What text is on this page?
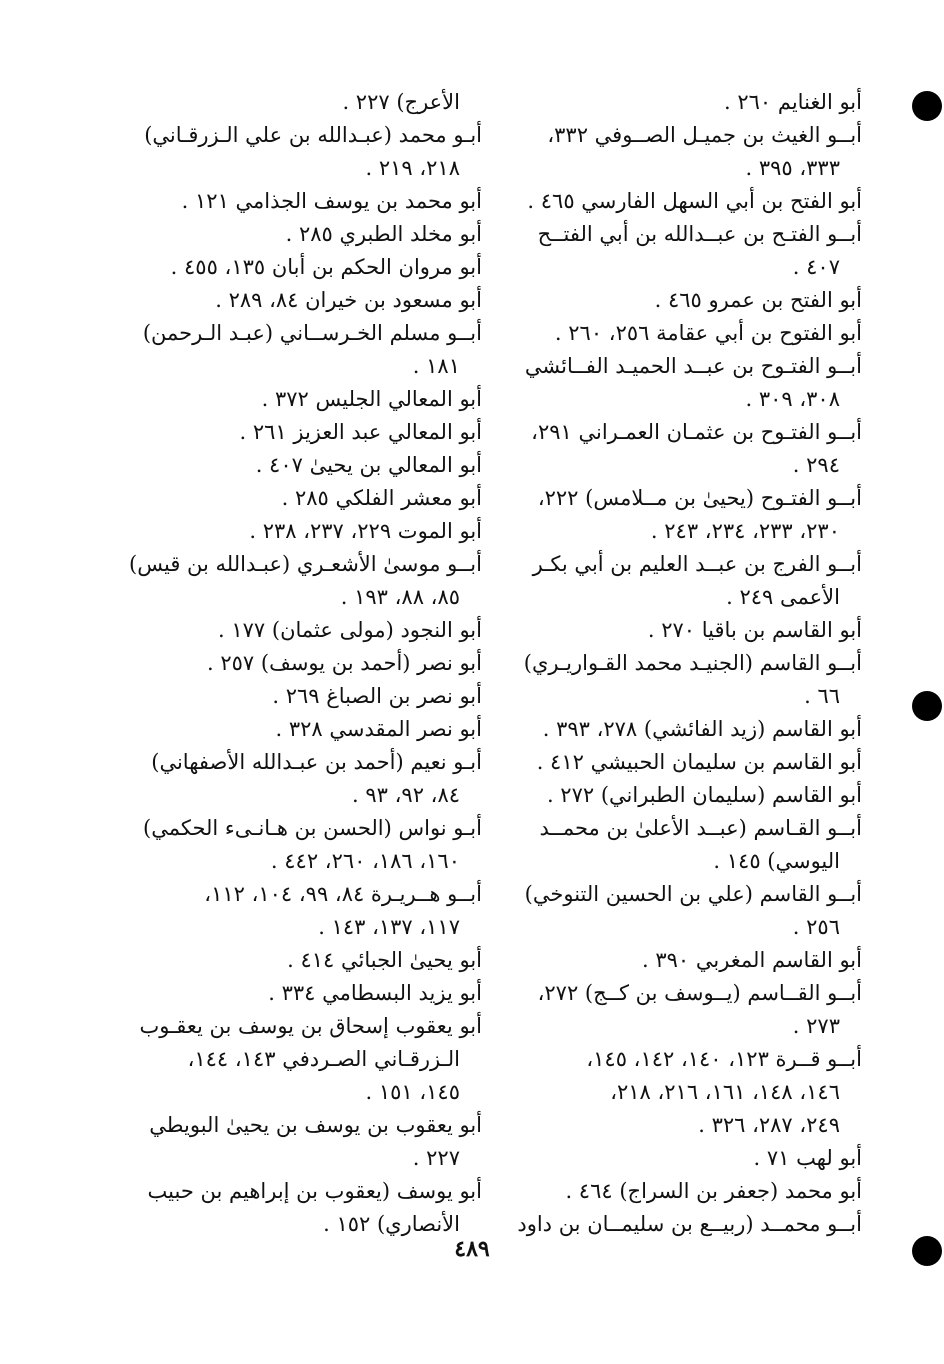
أبو الغنايم ٢٦٠ .
أبــو الغيث بن جميـل الصــوفي ٣٣٢،
٣٣٣، ٣٩٥ .
أبو الفتح بن أبي السهل الفارسي ٤٦٥ .
أبــو الفتـح بن عبــدالله بن أبي الفتــح
٤٠٧ .
أبو الفتح بن عمرو ٤٦٥ .
أبو الفتوح بن أبي عقامة ٢٥٦، ٢٦٠ .
أبــو الفتـوح بن عبــد الحميـد الفــائشي
٣٠٨، ٣٠٩ .
أبــو الفتـوح بن عثمـان العمـراني ٢٩١،
٢٩٤ .
أبــو الفتـوح (يحيىٰ بن مــلامس) ٢٢٢،
٢٣٠، ٢٣٣، ٢٣٤، ٢٤٣ .
أبــو الفرج بن عبــد العليم بن أبي بكـر
الأعمى ٢٤٩ .
أبو القاسم بن باقيا ٢٧٠ .
أبــو القاسم (الجنيـد محمد القـواريـري)
٦٦ .
أبو القاسم (زيد الفائشي) ٢٧٨، ٣٩٣ .
أبو القاسم بن سليمان الحبيشي ٤١٢ .
أبو القاسم (سليمان الطبراني) ٢٧٢ .
أبــو القـاسم (عبــد الأعلىٰ بن محمــد
اليوسي) ١٤٥ .
أبــو القاسم (علي بن الحسين التنوخي)
٢٥٦ .
أبو القاسم المغربي ٣٩٠ .
أبــو القــاسم (يــوسف بن كــج) ٢٧٢،
٢٧٣ .
أبــو قــرة ١٢٣، ١٤٠، ١٤٢، ١٤٥،
١٤٦، ١٤٨، ١٦١، ٢١٦، ٢١٨،
٢٤٩، ٢٨٧، ٣٢٦ .
أبو لهب ٧١ .
أبو محمد (جعفر بن السراج) ٤٦٤ .
أبــو محمــد (ربيــع بن سليمــان بن داود
الأعرج) ٢٢٧ .
أبـو محمد (عبـدالله بن علي الـزرقـاني)
٢١٨، ٢١٩ .
أبو محمد بن يوسف الجذامي ١٢١ .
أبو مخلد الطبري ٢٨٥ .
أبو مروان الحكم بن أبان ١٣٥، ٤٥٥ .
أبو مسعود بن خيران ٨٤، ٢٨٩ .
أبــو مسلم الخـرســاني (عبـد الـرحمن)
١٨١ .
أبو المعالي الجليس ٣٧٢ .
أبو المعالي عبد العزيز ٢٦١ .
أبو المعالي بن يحيىٰ ٤٠٧ .
أبو معشر الفلكي ٢٨٥ .
أبو الموت ٢٢٩، ٢٣٧، ٢٣٨ .
أبــو موسىٰ الأشعـري (عبـدالله بن قيس)
٨٥، ٨٨، ١٩٣ .
أبو النجود (مولى عثمان) ١٧٧ .
أبو نصر (أحمد بن يوسف) ٢٥٧ .
أبو نصر بن الصباغ ٢٦٩ .
أبو نصر المقدسي ٣٢٨ .
أبـو نعيم (أحمد بن عبـدالله الأصفهاني)
٨٤، ٩٢، ٩٣ .
أبـو نواس (الحسن بن هـانـىء الحكمي)
١٦٠، ١٨٦، ٢٦٠، ٤٤٢ .
أبــو هــريـرة ٨٤، ٩٩، ١٠٤، ١١٢،
١١٧، ١٣٧، ١٤٣ .
أبو يحيىٰ الجبائي ٤١٤ .
أبو يزيد البسطامي ٣٣٤ .
أبو يعقوب إسحاق بن يوسف بن يعقـوب
الـزرقـاني الصـردفي ١٤٣، ١٤٤،
١٤٥، ١٥١ .
أبو يعقوب بن يوسف بن يحيىٰ البويطي
٢٢٧ .
أبو يوسف (يعقوب بن إبراهيم بن حبيب
الأنصاري) ١٥٢ .
٤٨٩
